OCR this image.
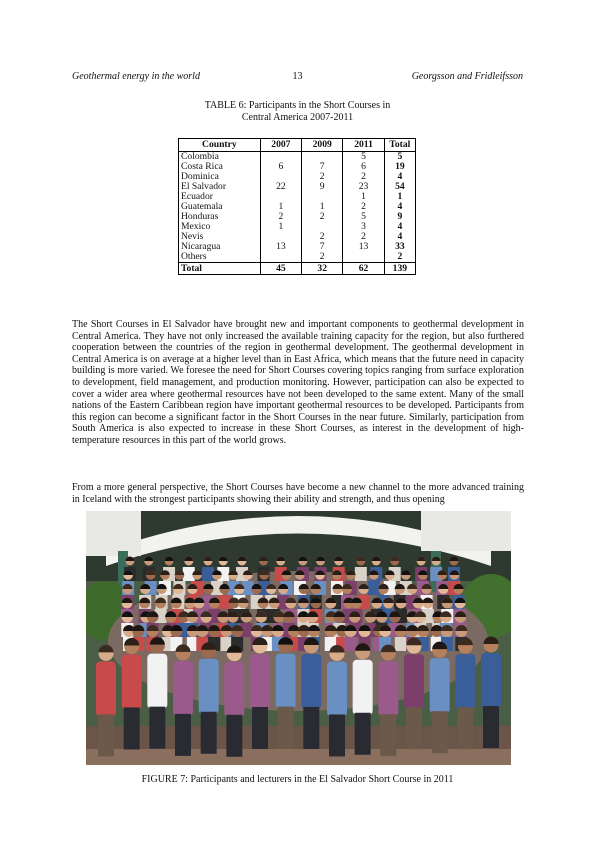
Geothermal energy in the world	13	Georgsson and Fridleifsson
TABLE 6: Participants in the Short Courses in
Central America 2007-2011
Country	2007	2009	2011	Total
Colombia			5	5
Costa Rica	6	7	6	19
Dominica		2	2	4
El Salvador	22	9	23	54
Ecuador			1	1
Guatemala	1	1	2	4
Honduras	2	2	5	9
Mexico	1		3	4
Nevis		2	2	4
Nicaragua	13	7	13	33
Others		2		2
Total	45	32	62	139

The Short Courses in El Salvador have brought new and important components to geothermal development in Central America. They have not only increased the available training capacity for the region, but also furthered cooperation between the countries of the region in geothermal development. The geothermal development in Central America is on average at a higher level than in East Africa, which means that the future need in capacity building is more varied. We foresee the need for Short Courses covering topics ranging from surface exploration to development, field management, and production monitoring. However, participation can also be expected to cover a wider area where geothermal resources have not been developed to the same extent. Many of the small nations of the Eastern Caribbean region have important geothermal resources to be developed. Participants from this region can become a significant factor in the Short Courses in the near future. Similarly, participation from South America is also expected to increase in these Short Courses, as interest in the development of high-temperature resources in this part of the world grows.

From a more general perspective, the Short Courses have become a new channel to the more advanced training in Iceland with the strongest participants showing their ability and strength, and thus opening

FIGURE 7: Participants and lecturers in the El Salvador Short Course in 2011
